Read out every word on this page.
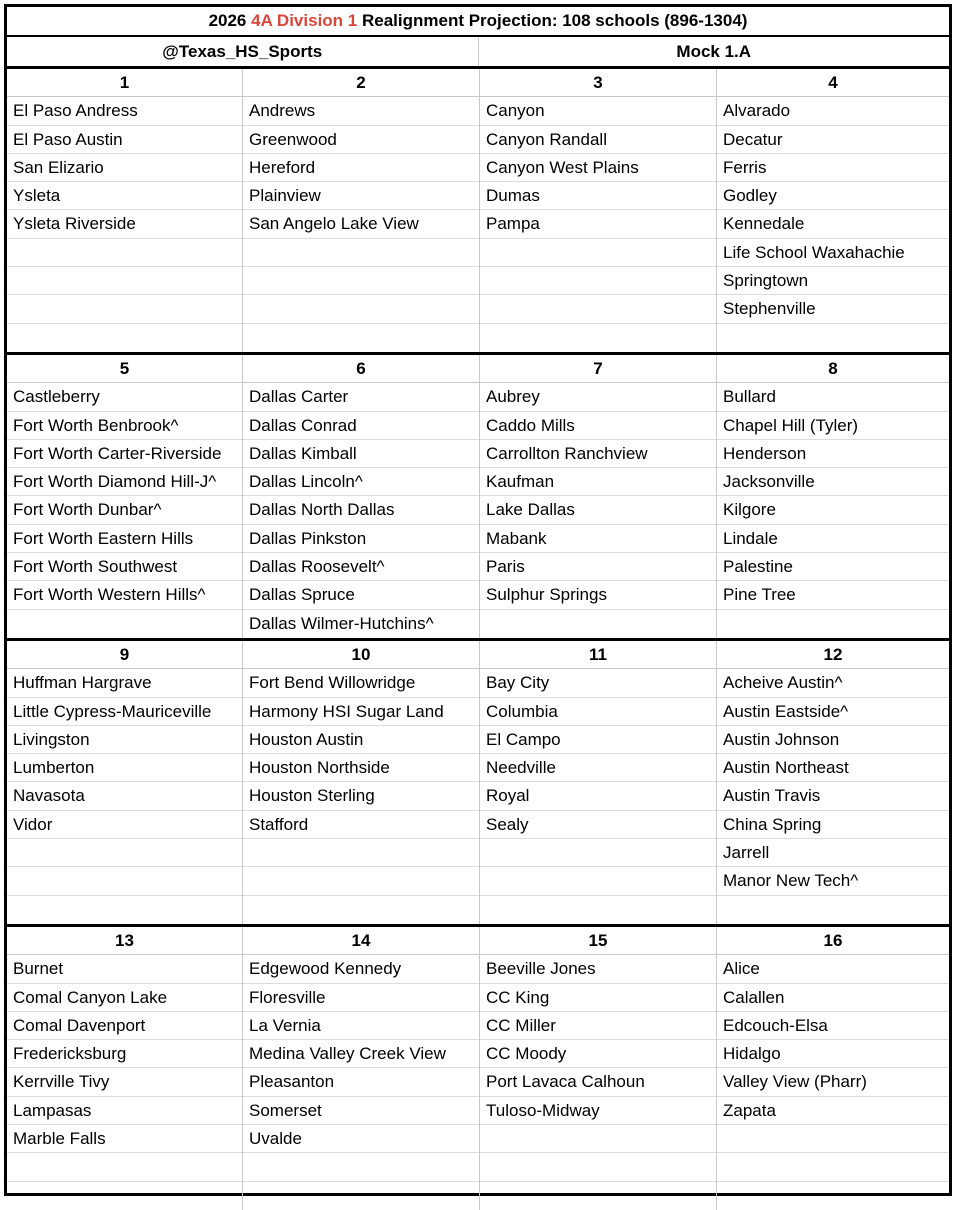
2026 4A Division 1 Realignment Projection: 108 schools (896-1304)
@Texas_HS_Sports	Mock 1.A
1
El Paso Andress
El Paso Austin
San Elizario
Ysleta
Ysleta Riverside
2
Andrews
Greenwood
Hereford
Plainview
San Angelo Lake View
3
Canyon
Canyon Randall
Canyon West Plains
Dumas
Pampa
4
Alvarado
Decatur
Ferris
Godley
Kennedale
Life School Waxahachie
Springtown
Stephenville
5
Castleberry
Fort Worth Benbrook^
Fort Worth Carter-Riverside
Fort Worth Diamond Hill-J^
Fort Worth Dunbar^
Fort Worth Eastern Hills
Fort Worth Southwest
Fort Worth Western Hills^
6
Dallas Carter
Dallas Conrad
Dallas Kimball
Dallas Lincoln^
Dallas North Dallas
Dallas Pinkston
Dallas Roosevelt^
Dallas Spruce
Dallas Wilmer-Hutchins^
7
Aubrey
Caddo Mills
Carrollton Ranchview
Kaufman
Lake Dallas
Mabank
Paris
Sulphur Springs
8
Bullard
Chapel Hill (Tyler)
Henderson
Jacksonville
Kilgore
Lindale
Palestine
Pine Tree
9
Huffman Hargrave
Little Cypress-Mauriceville
Livingston
Lumberton
Navasota
Vidor
10
Fort Bend Willowridge
Harmony HSI Sugar Land
Houston Austin
Houston Northside
Houston Sterling
Stafford
11
Bay City
Columbia
El Campo
Needville
Royal
Sealy
12
Acheive Austin^
Austin Eastside^
Austin Johnson
Austin Northeast
Austin Travis
China Spring
Jarrell
Manor New Tech^
13
Burnet
Comal Canyon Lake
Comal Davenport
Fredericksburg
Kerrville Tivy
Lampasas
Marble Falls
14
Edgewood Kennedy
Floresville
La Vernia
Medina Valley Creek View
Pleasanton
Somerset
Uvalde
15
Beeville Jones
CC King
CC Miller
CC Moody
Port Lavaca Calhoun
Tuloso-Midway
16
Alice
Calallen
Edcouch-Elsa
Hidalgo
Valley View (Pharr)
Zapata
